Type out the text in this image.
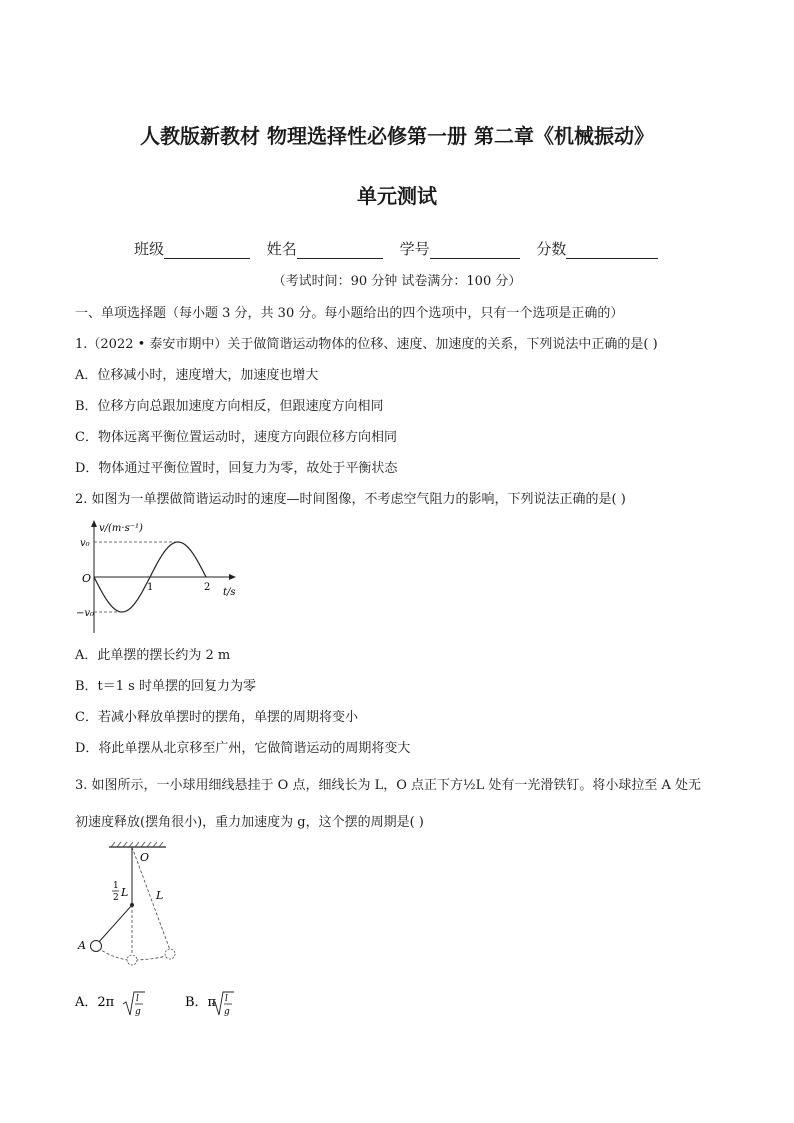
人教版新教材 物理选择性必修第一册 第二章《机械振动》
单元测试
班级	姓名	学号	分数
（考试时间：90 分钟 试卷满分：100 分）
一、单项选择题（每小题 3 分，共 30 分。每小题给出的四个选项中，只有一个选项是正确的）
1.（2022 • 泰安市期中）关于做简谐运动物体的位移、速度、加速度的关系，下列说法中正确的是( )
A．位移减小时，速度增大，加速度也增大
B．位移方向总跟加速度方向相反，但跟速度方向相同
C．物体远离平衡位置运动时，速度方向跟位移方向相同
D．物体通过平衡位置时，回复力为零，故处于平衡状态
2. 如图为一单摆做简谐运动时的速度—时间图像，不考虑空气阻力的影响，下列说法正确的是( )
v/(m·s⁻¹)
v₀
−v₀
O
1	2 t/s
A．此单摆的摆长约为 2 m
B．t＝1 s 时单摆的回复力为零
C．若减小释放单摆时的摆角，单摆的周期将变小
D．将此单摆从北京移至广州，它做简谐运动的周期将变大
3. 如图所示，一小球用细线悬挂于 O 点，细线长为 L，O 点正下方½L 处有一光滑铁钉。将小球拉至 A 处无
初速度释放(摆角很小)，重力加速度为 g，这个摆的周期是( )
O
A
1
2 L	L
A．2π l
g
B．π l
g
